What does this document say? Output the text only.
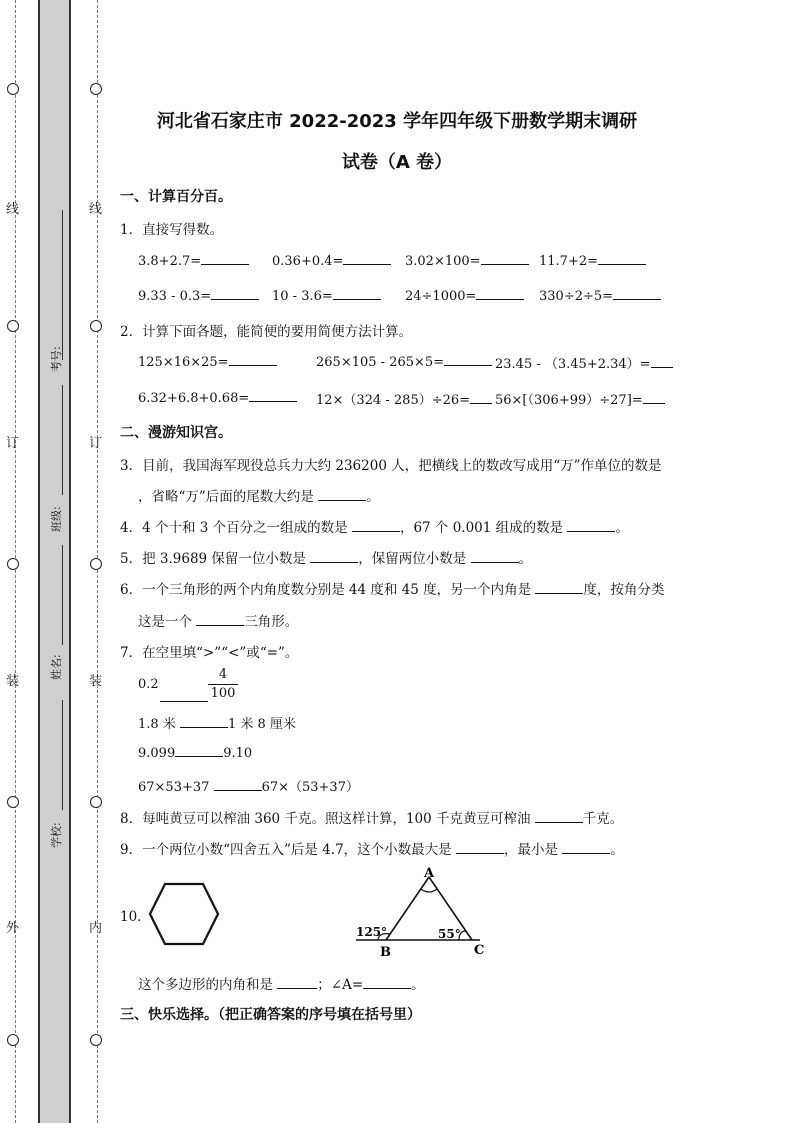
线
订
装
外
线
订
装
内
考号:
班级:
姓名:
学校:
河北省石家庄市 2022-2023 学年四年级下册数学期末调研
试卷（A 卷）
一、计算百分百。
1．直接写得数。
3.8+2.7=	0.36+0.4=	3.02×100=	11.7+2=
9.33 - 0.3=	10 - 3.6=	24÷1000=	330÷2÷5=
2．计算下面各题，能简便的要用简便方法计算。
125×16×25=	265×105 - 265×5=	23.45 - （3.45+2.34）=
6.32+6.8+0.68=	12×（324 - 285）÷26=	56×[（306+99）÷27]=
二、漫游知识宫。
3．目前，我国海军现役总兵力大约 236200 人，把横线上的数改写成用“万”作单位的数是
，省略“万”后面的尾数大约是	。
4．4 个十和 3 个百分之一组成的数是	，67 个 0.001 组成的数是	。
5．把 3.9689 保留一位小数是	，保留两位小数是	。
6．一个三角形的两个内角度数分别是 44 度和 45 度，另一个内角是	度，按角分类
这是一个	三角形。
7．在空里填“>”“<”或“=”。
0.2
4
100
1.8 米	1 米 8 厘米
9.099	9.10
67×53+37	67×（53+37）
8．每吨黄豆可以榨油 360 千克。照这样计算，100 千克黄豆可榨油	千克。
9．一个两位小数“四舍五入”后是 4.7，这个小数最大是	，最小是	。
10．
A
B	C
125°	55°
这个多边形的内角和是	；∠A=	。
三、快乐选择。（把正确答案的序号填在括号里）
